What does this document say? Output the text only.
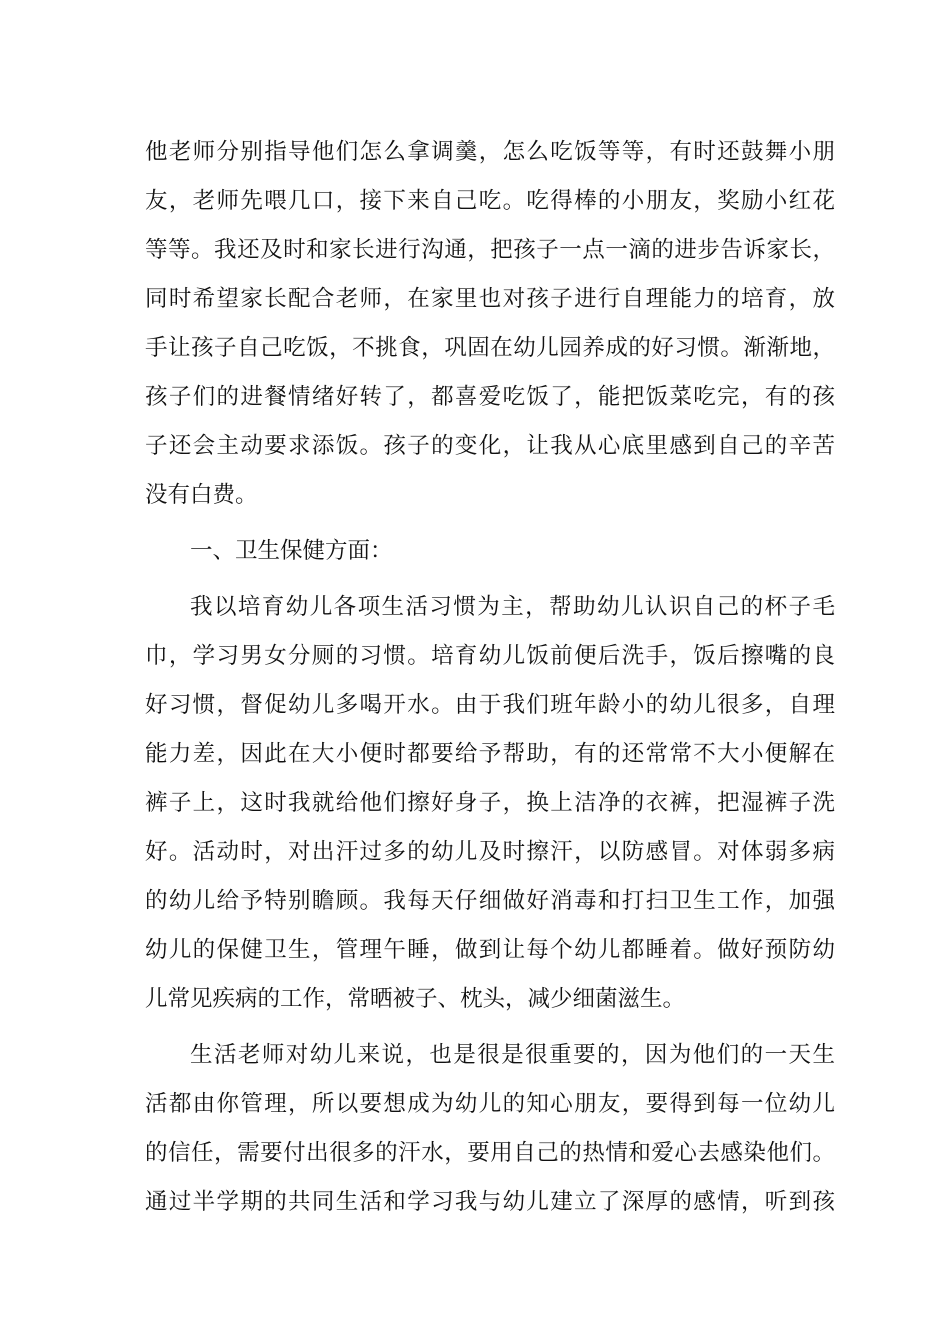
他老师分别指导他们怎么拿调羹，怎么吃饭等等，有时还鼓舞小朋
友，老师先喂几口，接下来自己吃。吃得棒的小朋友，奖励小红花
等等。我还及时和家长进行沟通，把孩子一点一滴的进步告诉家长，
同时希望家长配合老师，在家里也对孩子进行自理能力的培育，放
手让孩子自己吃饭，不挑食，巩固在幼儿园养成的好习惯。渐渐地，
孩子们的进餐情绪好转了，都喜爱吃饭了，能把饭菜吃完，有的孩
子还会主动要求添饭。孩子的变化，让我从心底里感到自己的辛苦
没有白费。
一、卫生保健方面：
我以培育幼儿各项生活习惯为主，帮助幼儿认识自己的杯子毛
巾，学习男女分厕的习惯。培育幼儿饭前便后洗手，饭后擦嘴的良
好习惯，督促幼儿多喝开水。由于我们班年龄小的幼儿很多，自理
能力差，因此在大小便时都要给予帮助，有的还常常不大小便解在
裤子上，这时我就给他们擦好身子，换上洁净的衣裤，把湿裤子洗
好。活动时，对出汗过多的幼儿及时擦汗，以防感冒。对体弱多病
的幼儿给予特别瞻顾。我每天仔细做好消毒和打扫卫生工作，加强
幼儿的保健卫生，管理午睡，做到让每个幼儿都睡着。做好预防幼
儿常见疾病的工作，常晒被子、枕头，减少细菌滋生。
生活老师对幼儿来说，也是很是很重要的，因为他们的一天生
活都由你管理，所以要想成为幼儿的知心朋友，要得到每一位幼儿
的信任，需要付出很多的汗水，要用自己的热情和爱心去感染他们。
通过半学期的共同生活和学习我与幼儿建立了深厚的感情，听到孩
